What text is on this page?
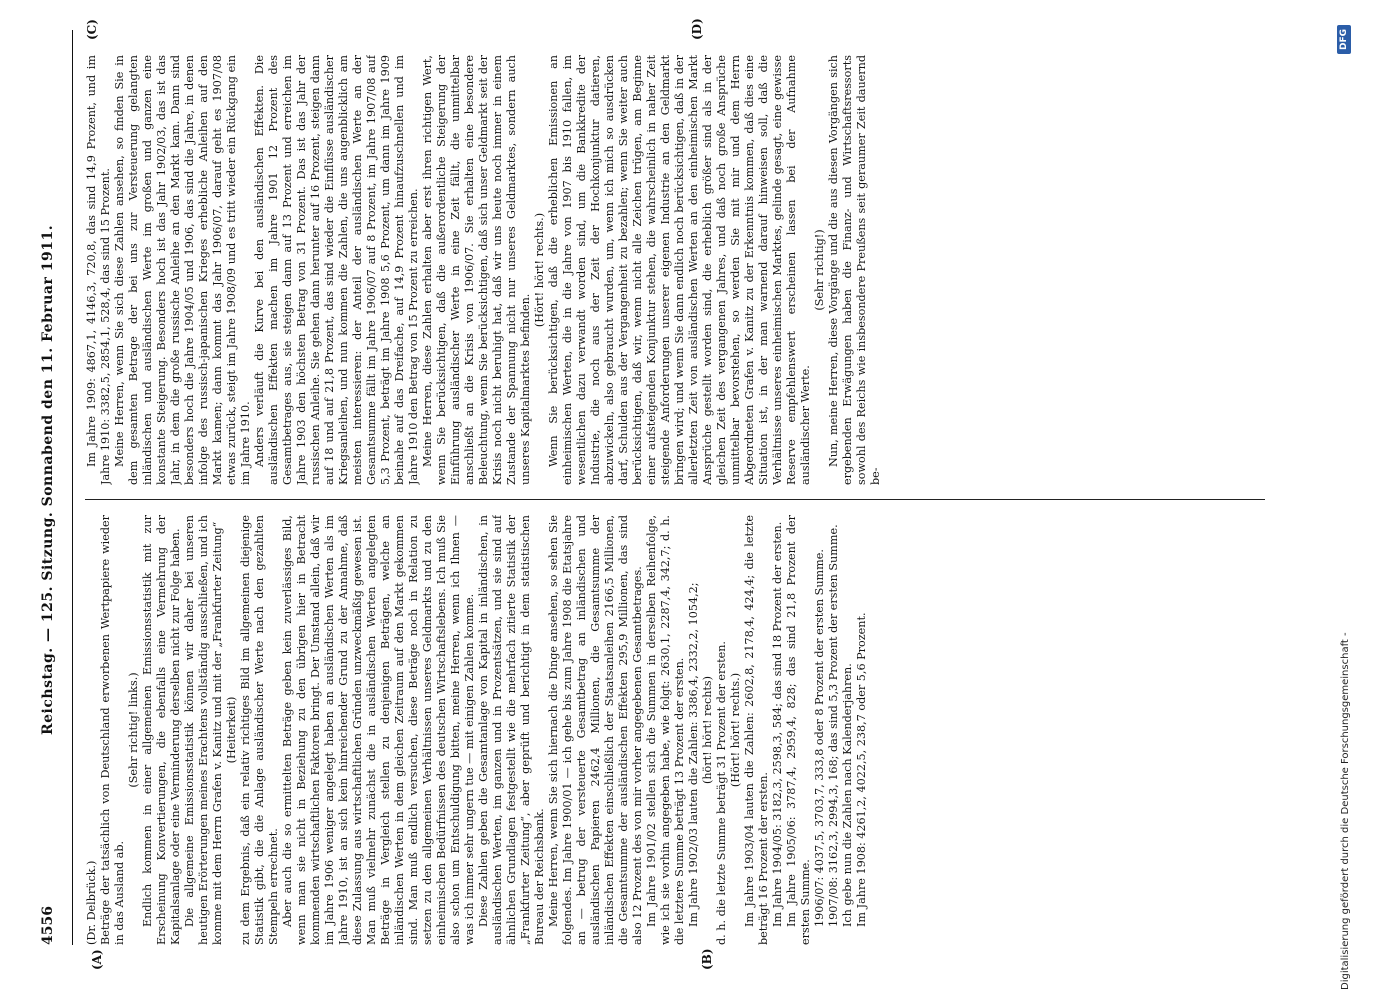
4556
Reichstag. — 125. Sitzung. Sonnabend den 11. Februar 1911.
(A)	(B)
(C)	(D)

(Dr. Delbrück.) Beträge der tatsächlich von Deutschland erworbenen Wertpapiere wieder in das Ausland ab.

(Sehr richtig! links.) Endlich kommen in einer allgemeinen Emissionsstatistik mit zur Erscheinung Konvertierungen, die ebenfalls eine Vermehrung der Kapitalsanlage oder eine Verminderung derselben nicht zur Folge haben. Die allgemeine Emissionsstatistik können wir daher bei unseren heutigen Erörterungen meines Erachtens vollständig ausschließen, und ich komme mit dem Herrn Grafen v. Kanitz und mit der „Frankfurter Zeitung“ (Heiterkeit) zu dem Ergebnis, daß ein relativ richtiges Bild im allgemeinen diejenige Statistik gibt, die die Anlage ausländischer Werte nach den gezahlten Stempeln errechnet. Aber auch die so ermittelten Beträge geben kein zuverlässiges Bild, wenn man sie nicht in Beziehung zu den übrigen hier in Betracht kommenden wirtschaftlichen Faktoren bringt. Der Umstand allein, daß wir im Jahre 1906 weniger angelegt haben an ausländischen Werten als im Jahre 1910, ist an sich kein hinreichender Grund zu der Annahme, daß diese Zulassung aus wirtschaftlichen Gründen unzweckmäßig gewesen ist. Man muß vielmehr zunächst die in ausländischen Werten angelegten Beträge in Vergleich stellen zu denjenigen Beträgen, welche an inländischen Werten in dem gleichen Zeitraum auf den Markt gekommen sind. Man muß endlich versuchen, diese Beträge noch in Relation zu setzen zu den allgemeinen Verhältnissen unseres Geldmarkts und zu den einheimischen Bedürfnissen des deutschen Wirtschaftslebens. Ich muß Sie also schon um Entschuldigung bitten, meine Herren, wenn ich Ihnen — was ich immer sehr ungern tue — mit einigen Zahlen komme. Diese Zahlen geben die Gesamtanlage von Kapital in inländischen, in ausländischen Werten, im ganzen und in Prozentsätzen, und sie sind auf ähnlichen Grundlagen festgestellt wie die mehrfach zitierte Statistik der „Frankfurter Zeitung“, aber geprüft und berichtigt in dem statistischen Bureau der Reichsbank. Meine Herren, wenn Sie sich hiernach die Dinge ansehen, so sehen Sie folgendes. Im Jahre 1900/01 — ich gehe bis zum Jahre 1908 die Etatsjahre an — betrug der versteuerte Gesamtbetrag an inländischen und ausländischen Papieren 2462,4 Millionen, die Gesamtsumme der inländischen Effekten einschließlich der Staatsanleihen 2166,5 Millionen, die Gesamtsumme der ausländischen Effekten 295,9 Millionen, das sind also 12 Prozent des von mir vorher angegebenen Gesamtbetrages. Im Jahre 1901/02 stellen sich die Summen in derselben Reihenfolge, wie ich sie vorhin angegeben habe, wie folgt: 2630,1, 2287,4, 342,7; d. h. die letztere Summe beträgt 13 Prozent der ersten. Im Jahre 1902/03 lauten die Zahlen: 3386,4, 2332,2, 1054,2; (hört! hört! rechts) d. h. die letzte Summe beträgt 31 Prozent der ersten. (Hört! hört! rechts.) Im Jahre 1903/04 lauten die Zahlen: 2602,8, 2178,4, 424,4; die letzte beträgt 16 Prozent der ersten. Im Jahre 1904/05: 3182,3, 2598,3, 584; das sind 18 Prozent der ersten. Im Jahre 1905/06: 3787,4, 2959,4, 828; das sind 21,8 Prozent der ersten Summe. 1906/07: 4037,5, 3703,7, 333,8 oder 8 Prozent der ersten Summe. 1907/08: 3162,3, 2994,3, 168; das sind 5,3 Prozent der ersten Summe. Ich gebe nun die Zahlen nach Kalenderjahren. Im Jahre 1908: 4261,2, 4022,5, 238,7 oder 5,6 Prozent.

Im Jahre 1909: 4867,1, 4146,3, 720,8, das sind 14,9 Prozent, und im Jahre 1910: 3382,5, 2854,1, 528,4, das sind 15 Prozent. Meine Herren, wenn Sie sich diese Zahlen ansehen, so finden Sie in dem gesamten Betrage der bei uns zur Versteuerung gelangten inländischen und ausländischen Werte im großen und ganzen eine konstante Steigerung. Besonders hoch ist das Jahr 1902/03, das ist das Jahr, in dem die große russische Anleihe an den Markt kam. Dann sind besonders hoch die Jahre 1904/05 und 1906, das sind die Jahre, in denen infolge des russisch-japanischen Krieges erhebliche Anleihen auf den Markt kamen; dann kommt das Jahr 1906/07, darauf geht es 1907/08 etwas zurück, steigt im Jahre 1908/09 und es tritt wieder ein Rückgang ein im Jahre 1910. Anders verläuft die Kurve bei den ausländischen Effekten. Die ausländischen Effekten machen im Jahre 1901 12 Prozent des Gesamtbetrages aus, sie steigen dann auf 13 Prozent und erreichen im Jahre 1903 den höchsten Betrag von 31 Prozent. Das ist das Jahr der russischen Anleihe. Sie gehen dann herunter auf 16 Prozent, steigen dann auf 18 und auf 21,8 Prozent, das sind wieder die Einflüsse ausländischer Kriegsanleihen, und nun kommen die Zahlen, die uns augenblicklich am meisten interessieren: der Anteil der ausländischen Werte an der Gesamtsumme fällt im Jahre 1906/07 auf 8 Prozent, im Jahre 1907/08 auf 5,3 Prozent, beträgt im Jahre 1908 5,6 Prozent, um dann im Jahre 1909 beinahe auf das Dreifache, auf 14,9 Prozent hinaufzuschnellen und im Jahre 1910 den Betrag von 15 Prozent zu erreichen. Meine Herren, diese Zahlen erhalten aber erst ihren richtigen Wert, wenn Sie berücksichtigen, daß die außerordentliche Steigerung der Einführung ausländischer Werte in eine Zeit fällt, die unmittelbar anschließt an die Krisis von 1906/07. Sie erhalten eine besondere Beleuchtung, wenn Sie berücksichtigen, daß sich unser Geldmarkt seit der Krisis noch nicht beruhigt hat, daß wir uns heute noch immer in einem Zustande der Spannung nicht nur unseres Geldmarktes, sondern auch unseres Kapitalmarktes befinden.

(Hört! hört! rechts.) Wenn Sie berücksichtigen, daß die erheblichen Emissionen an einheimischen Werten, die in die Jahre von 1907 bis 1910 fallen, im wesentlichen dazu verwandt worden sind, um die Bankkredite der Industrie, die noch aus der Zeit der Hochkonjunktur datieren, abzuwickeln, also gebraucht wurden, um, wenn ich mich so ausdrücken darf, Schulden aus der Vergangenheit zu bezahlen; wenn Sie weiter auch berücksichtigen, daß wir, wenn nicht alle Zeichen trügen, am Beginne einer aufsteigenden Konjunktur stehen, die wahrscheinlich in naher Zeit steigende Anforderungen unserer eigenen Industrie an den Geldmarkt bringen wird; und wenn Sie dann endlich noch berücksichtigen, daß in der allerletzten Zeit von ausländischen Werten an den einheimischen Markt Ansprüche gestellt worden sind, die erheblich größer sind als in der gleichen Zeit des vergangenen Jahres, und daß noch große Ansprüche unmittelbar bevorstehen, so werden Sie mit mir und dem Herrn Abgeordneten Grafen v. Kanitz zu der Erkenntnis kommen, daß dies eine Situation ist, in der man warnend darauf hinweisen soll, daß die Verhältnisse unseres einheimischen Marktes, gelinde gesagt, eine gewisse Reserve empfehlenswert erscheinen lassen bei der Aufnahme ausländischer Werte.

(Sehr richtig!) Nun, meine Herren, diese Vorgänge und die aus diesen Vorgängen sich ergebenden Erwägungen haben die Finanz- und Wirtschaftsressorts sowohl des Reichs wie insbesondere Preußens seit geraumer Zeit dauernd be-

Digitalisierung gefördert durch die Deutsche Forschungsgemeinschaft -
DFG
